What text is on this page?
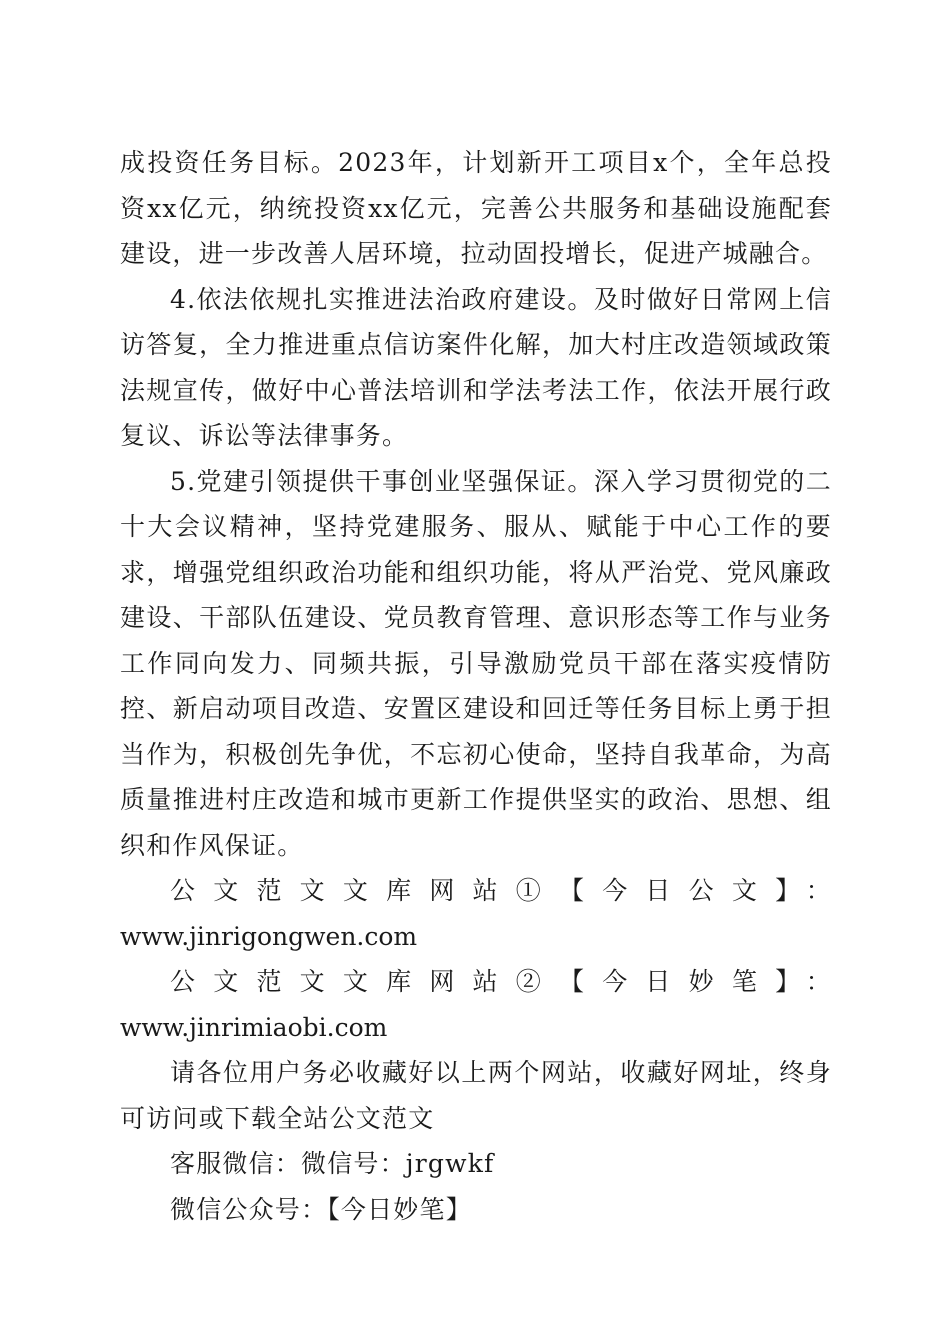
成投资任务目标。2023年，计划新开工项目x个，全年总投资xx亿元，纳统投资xx亿元，完善公共服务和基础设施配套建设，进一步改善人居环境，拉动固投增长，促进产城融合。

4.依法依规扎实推进法治政府建设。及时做好日常网上信访答复，全力推进重点信访案件化解，加大村庄改造领域政策法规宣传，做好中心普法培训和学法考法工作，依法开展行政复议、诉讼等法律事务。

5.党建引领提供干事创业坚强保证。深入学习贯彻党的二十大会议精神，坚持党建服务、服从、赋能于中心工作的要求，增强党组织政治功能和组织功能，将从严治党、党风廉政建设、干部队伍建设、党员教育管理、意识形态等工作与业务工作同向发力、同频共振，引导激励党员干部在落实疫情防控、新启动项目改造、安置区建设和回迁等任务目标上勇于担当作为，积极创先争优，不忘初心使命，坚持自我革命，为高质量推进村庄改造和城市更新工作提供坚实的政治、思想、组织和作风保证。

公文范文文库网站①【今日公文】：

www.jinrigongwen.com

公文范文文库网站②【今日妙笔】：www.jinrimiaobi.com

请各位用户务必收藏好以上两个网站，收藏好网址，终身可访问或下载全站公文范文

客服微信：微信号：jrgwkf

微信公众号：【今日妙笔】
